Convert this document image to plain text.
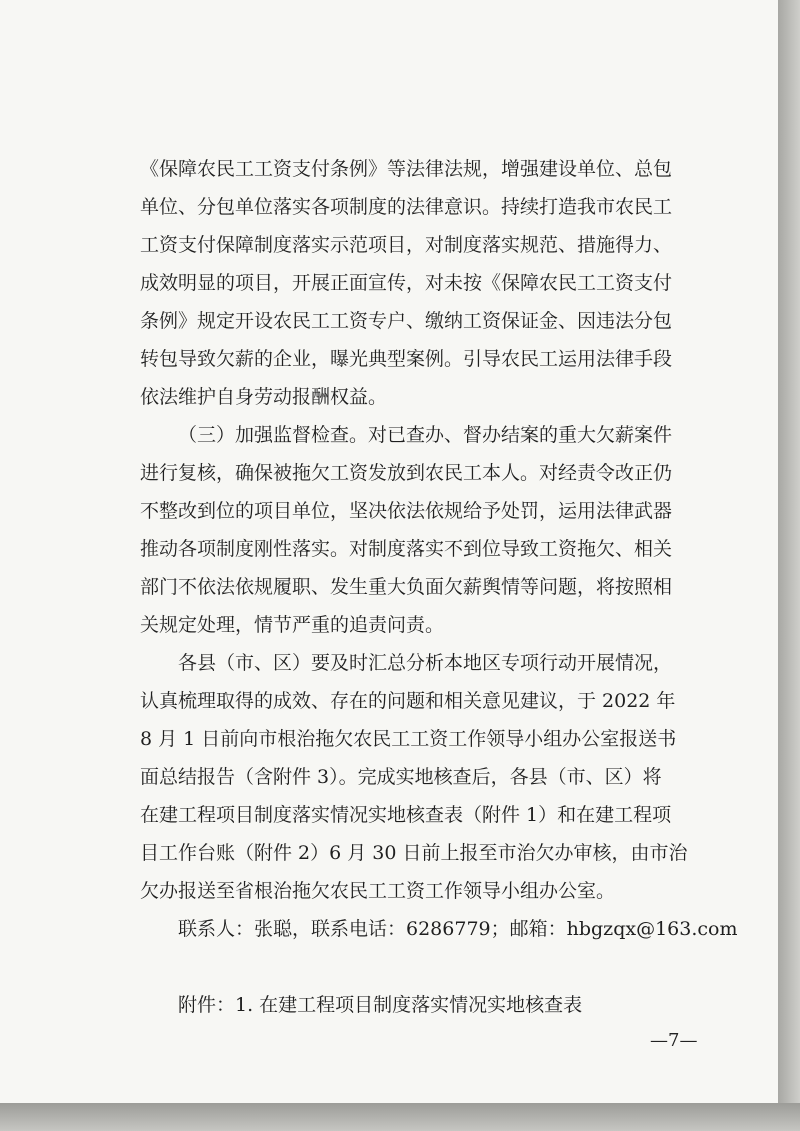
《保障农民工工资支付条例》等法律法规，增强建设单位、总包
单位、分包单位落实各项制度的法律意识。持续打造我市农民工
工资支付保障制度落实示范项目，对制度落实规范、措施得力、
成效明显的项目，开展正面宣传，对未按《保障农民工工资支付
条例》规定开设农民工工资专户、缴纳工资保证金、因违法分包
转包导致欠薪的企业，曝光典型案例。引导农民工运用法律手段
依法维护自身劳动报酬权益。
（三）加强监督检查。对已查办、督办结案的重大欠薪案件
进行复核，确保被拖欠工资发放到农民工本人。对经责令改正仍
不整改到位的项目单位，坚决依法依规给予处罚，运用法律武器
推动各项制度刚性落实。对制度落实不到位导致工资拖欠、相关
部门不依法依规履职、发生重大负面欠薪舆情等问题，将按照相
关规定处理，情节严重的追责问责。
各县（市、区）要及时汇总分析本地区专项行动开展情况，
认真梳理取得的成效、存在的问题和相关意见建议，于 2022 年
8 月 1 日前向市根治拖欠农民工工资工作领导小组办公室报送书
面总结报告（含附件 3）。完成实地核查后，各县（市、区）将
在建工程项目制度落实情况实地核查表（附件 1）和在建工程项
目工作台账（附件 2）6 月 30 日前上报至市治欠办审核，由市治
欠办报送至省根治拖欠农民工工资工作领导小组办公室。
联系人：张聪，联系电话：6286779；邮箱：hbgzqx@163.com
附件：1. 在建工程项目制度落实情况实地核查表
—7—
